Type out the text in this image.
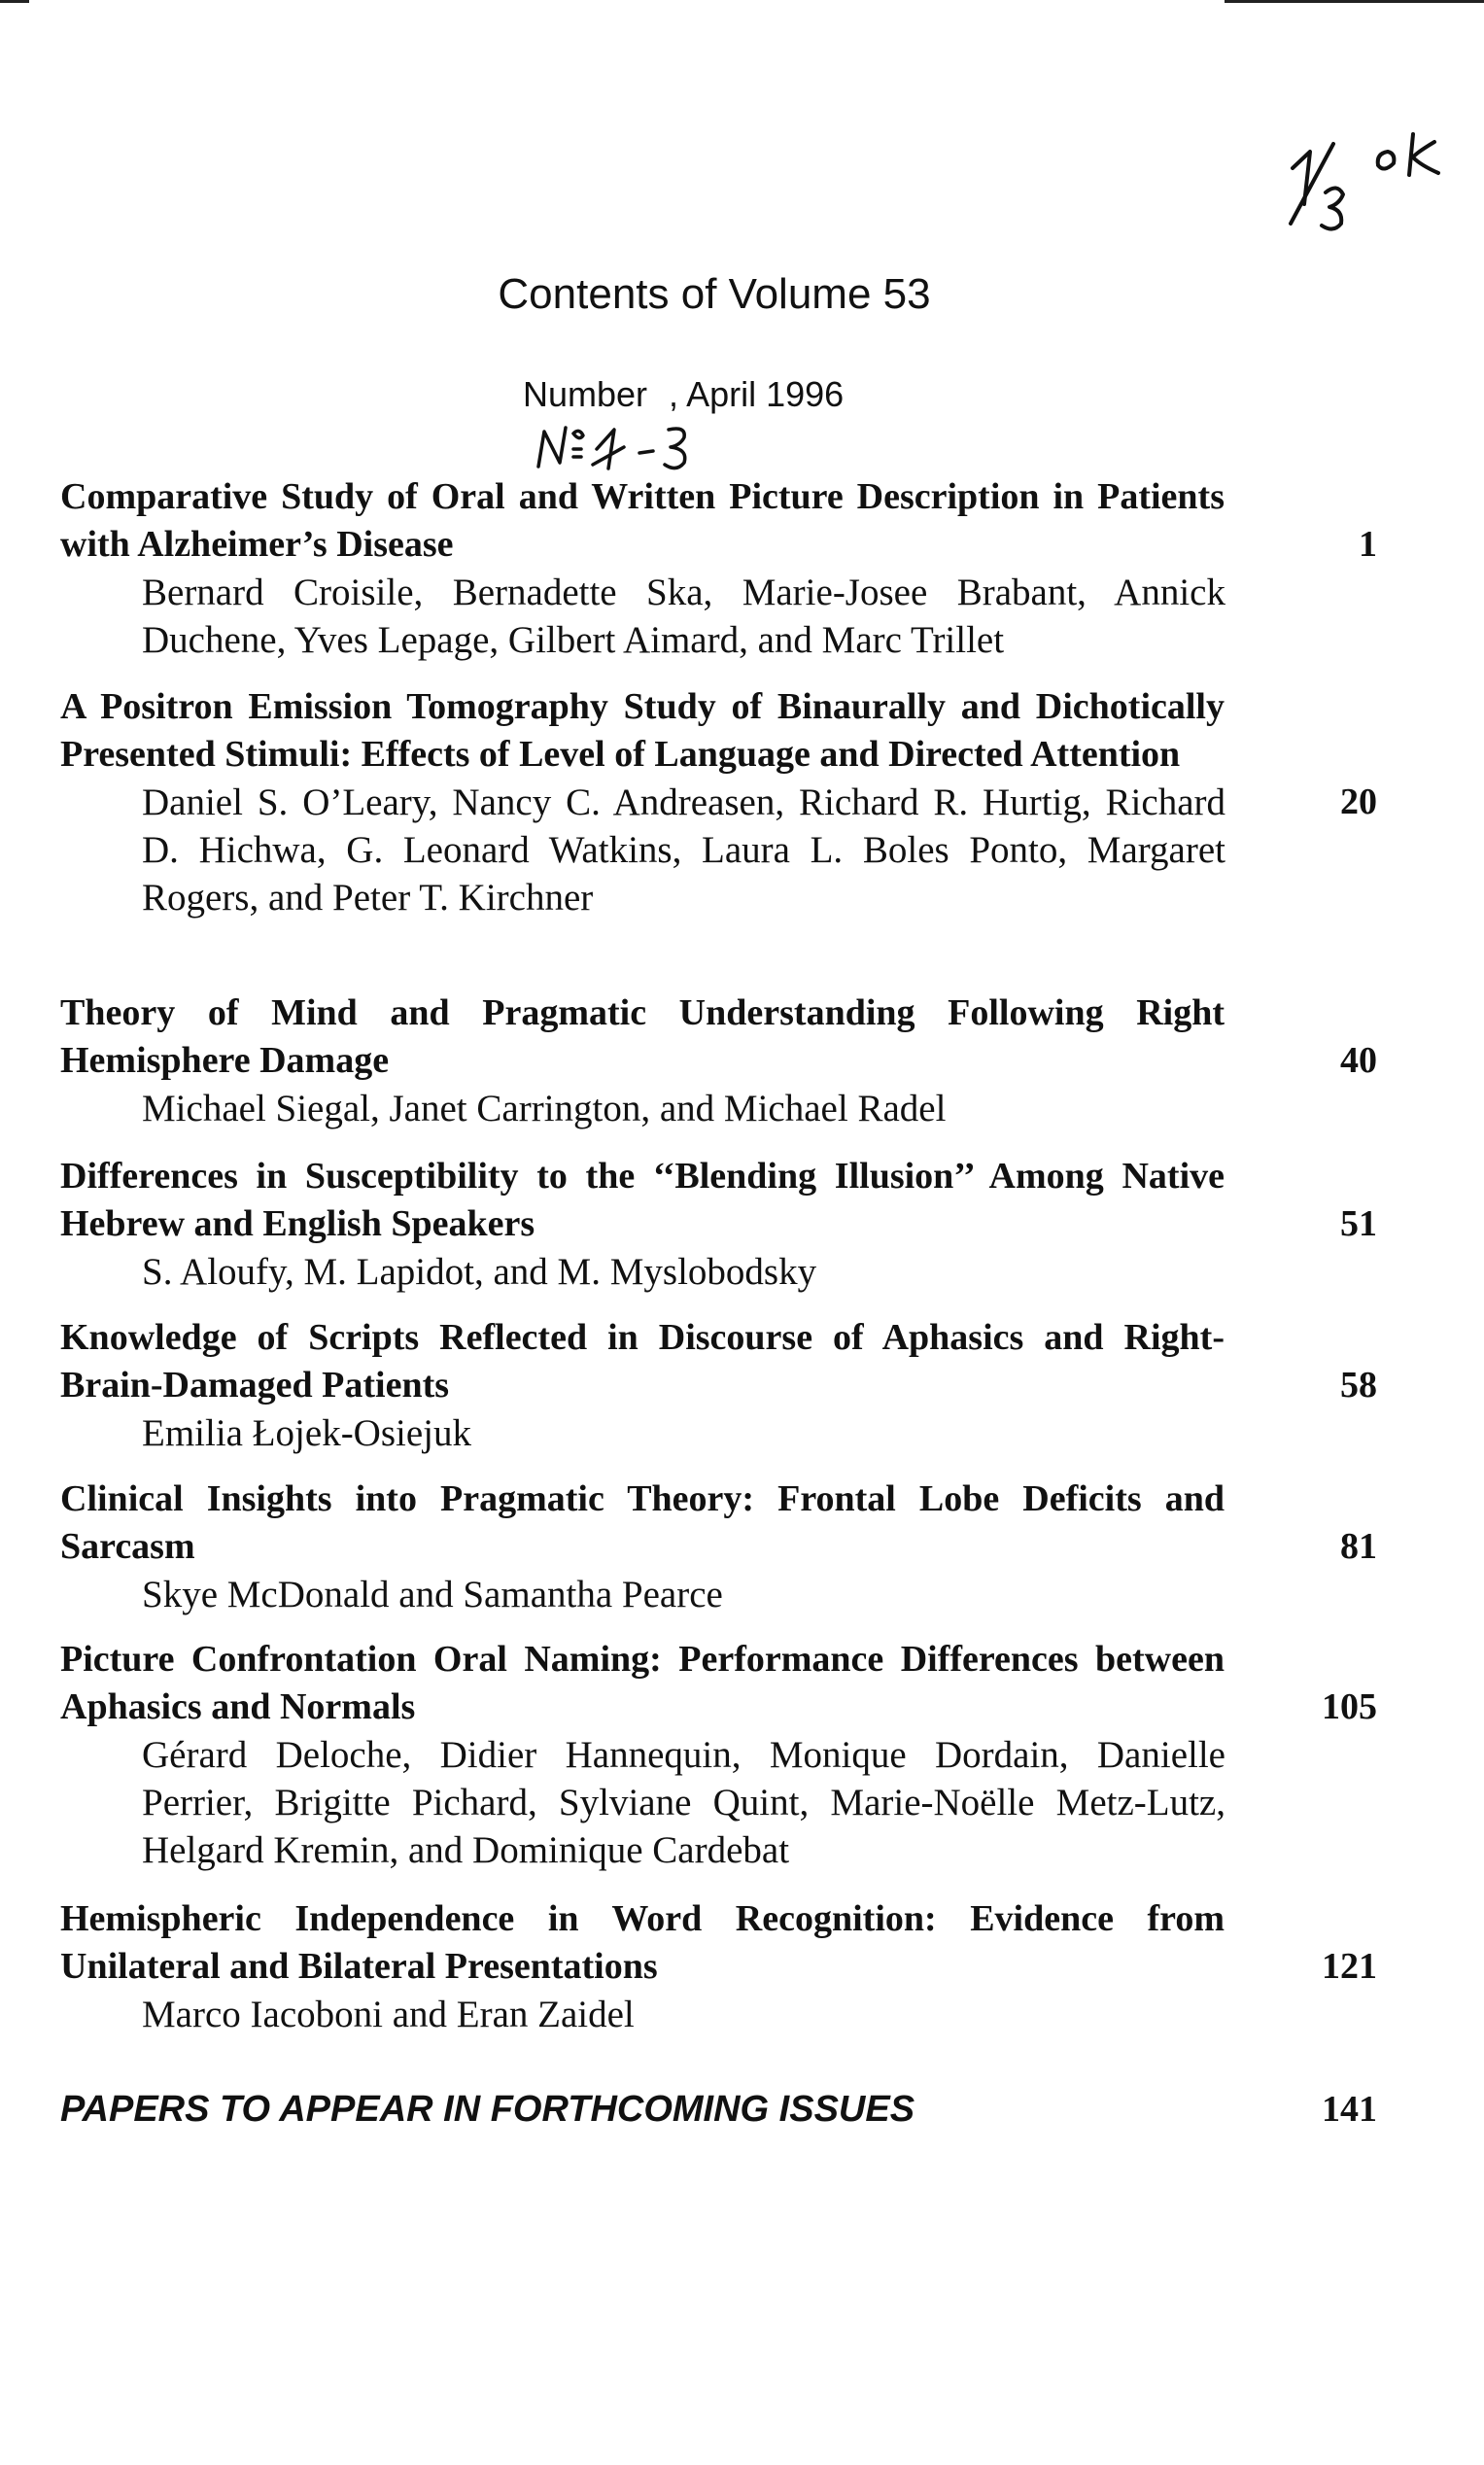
Contents of Volume 53
Number , April 1996
Comparative Study of Oral and Written Picture Description in Patients with Alzheimer’s Disease
Bernard Croisile, Bernadette Ska, Marie-Josee Brabant, Annick Duchene, Yves Lepage, Gilbert Aimard, and Marc Trillet
1
A Positron Emission Tomography Study of Binaurally and Dichotically Presented Stimuli: Effects of Level of Language and Directed Attention
Daniel S. O’Leary, Nancy C. Andreasen, Richard R. Hurtig, Richard D. Hichwa, G. Leonard Watkins, Laura L. Boles Ponto, Margaret Rogers, and Peter T. Kirchner
20
Theory of Mind and Pragmatic Understanding Following Right Hemisphere Damage
Michael Siegal, Janet Carrington, and Michael Radel
40
Differences in Susceptibility to the ‘‘Blending Illusion’’ Among Native Hebrew and English Speakers
S. Aloufy, M. Lapidot, and M. Myslobodsky
51
Knowledge of Scripts Reflected in Discourse of Aphasics and Right-Brain-Damaged Patients
Emilia Łojek-Osiejuk
58
Clinical Insights into Pragmatic Theory: Frontal Lobe Deficits and Sarcasm
Skye McDonald and Samantha Pearce
81
Picture Confrontation Oral Naming: Performance Differences between Aphasics and Normals
Gérard Deloche, Didier Hannequin, Monique Dordain, Danielle Perrier, Brigitte Pichard, Sylviane Quint, Marie-Noëlle Metz-Lutz, Helgard Kremin, and Dominique Cardebat
105
Hemispheric Independence in Word Recognition: Evidence from Unilateral and Bilateral Presentations
Marco Iacoboni and Eran Zaidel
121
PAPERS TO APPEAR IN FORTHCOMING ISSUES	141
